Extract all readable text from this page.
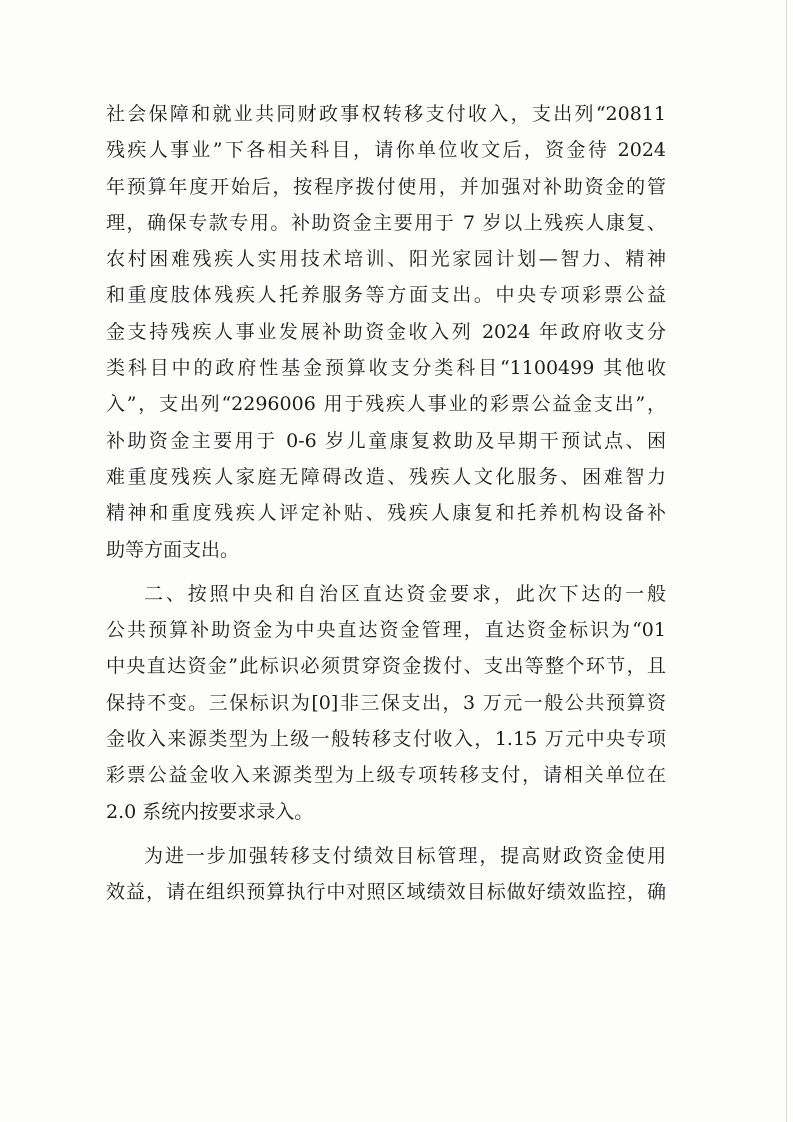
社会保障和就业共同财政事权转移支付收入，支出列“20811
残疾人事业”下各相关科目，请你单位收文后，资金待 2024
年预算年度开始后，按程序拨付使用，并加强对补助资金的管
理，确保专款专用。补助资金主要用于 7 岁以上残疾人康复、
农村困难残疾人实用技术培训、阳光家园计划—智力、精神
和重度肢体残疾人托养服务等方面支出。中央专项彩票公益
金支持残疾人事业发展补助资金收入列 2024 年政府收支分
类科目中的政府性基金预算收支分类科目“1100499 其他收
入”，支出列“2296006 用于残疾人事业的彩票公益金支出”，
补助资金主要用于 0-6 岁儿童康复救助及早期干预试点、困
难重度残疾人家庭无障碍改造、残疾人文化服务、困难智力
精神和重度残疾人评定补贴、残疾人康复和托养机构设备补
助等方面支出。
二、按照中央和自治区直达资金要求，此次下达的一般
公共预算补助资金为中央直达资金管理，直达资金标识为“01
中央直达资金”此标识必须贯穿资金拨付、支出等整个环节，且
保持不变。三保标识为[0]非三保支出，3 万元一般公共预算资
金收入来源类型为上级一般转移支付收入，1.15 万元中央专项
彩票公益金收入来源类型为上级专项转移支付，请相关单位在
2.0 系统内按要求录入。
为进一步加强转移支付绩效目标管理，提高财政资金使用
效益，请在组织预算执行中对照区域绩效目标做好绩效监控，确
